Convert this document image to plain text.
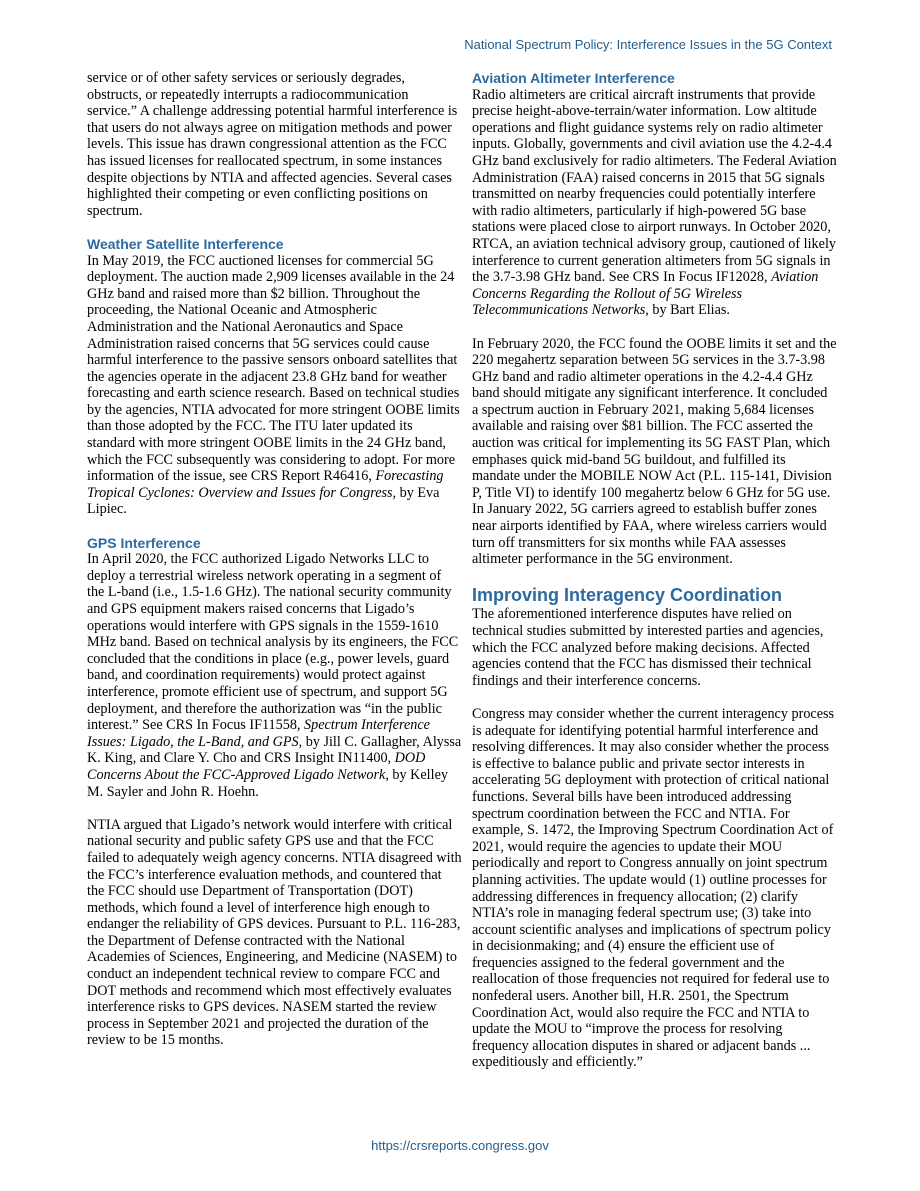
National Spectrum Policy: Interference Issues in the 5G Context

service or of other safety services or seriously degrades, obstructs, or repeatedly interrupts a radiocommunication service.” A challenge addressing potential harmful interference is that users do not always agree on mitigation methods and power levels. This issue has drawn congressional attention as the FCC has issued licenses for reallocated spectrum, in some instances despite objections by NTIA and affected agencies. Several cases highlighted their competing or even conflicting positions on spectrum.

Weather Satellite Interference

In May 2019, the FCC auctioned licenses for commercial 5G deployment. The auction made 2,909 licenses available in the 24 GHz band and raised more than $2 billion. Throughout the proceeding, the National Oceanic and Atmospheric Administration and the National Aeronautics and Space Administration raised concerns that 5G services could cause harmful interference to the passive sensors onboard satellites that the agencies operate in the adjacent 23.8 GHz band for weather forecasting and earth science research. Based on technical studies by the agencies, NTIA advocated for more stringent OOBE limits than those adopted by the FCC. The ITU later updated its standard with more stringent OOBE limits in the 24 GHz band, which the FCC subsequently was considering to adopt. For more information of the issue, see CRS Report R46416, Forecasting Tropical Cyclones: Overview and Issues for Congress, by Eva Lipiec.

GPS Interference

In April 2020, the FCC authorized Ligado Networks LLC to deploy a terrestrial wireless network operating in a segment of the L-band (i.e., 1.5-1.6 GHz). The national security community and GPS equipment makers raised concerns that Ligado’s operations would interfere with GPS signals in the 1559-1610 MHz band. Based on technical analysis by its engineers, the FCC concluded that the conditions in place (e.g., power levels, guard band, and coordination requirements) would protect against interference, promote efficient use of spectrum, and support 5G deployment, and therefore the authorization was “in the public interest.” See CRS In Focus IF11558, Spectrum Interference Issues: Ligado, the L-Band, and GPS, by Jill C. Gallagher, Alyssa K. King, and Clare Y. Cho and CRS Insight IN11400, DOD Concerns About the FCC-Approved Ligado Network, by Kelley M. Sayler and John R. Hoehn.

NTIA argued that Ligado’s network would interfere with critical national security and public safety GPS use and that the FCC failed to adequately weigh agency concerns. NTIA disagreed with the FCC’s interference evaluation methods, and countered that the FCC should use Department of Transportation (DOT) methods, which found a level of interference high enough to endanger the reliability of GPS devices. Pursuant to P.L. 116-283, the Department of Defense contracted with the National Academies of Sciences, Engineering, and Medicine (NASEM) to conduct an independent technical review to compare FCC and DOT methods and recommend which most effectively evaluates interference risks to GPS devices. NASEM started the review process in September 2021 and projected the duration of the review to be 15 months.

Aviation Altimeter Interference

Radio altimeters are critical aircraft instruments that provide precise height-above-terrain/water information. Low altitude operations and flight guidance systems rely on radio altimeter inputs. Globally, governments and civil aviation use the 4.2-4.4 GHz band exclusively for radio altimeters. The Federal Aviation Administration (FAA) raised concerns in 2015 that 5G signals transmitted on nearby frequencies could potentially interfere with radio altimeters, particularly if high-powered 5G base stations were placed close to airport runways. In October 2020, RTCA, an aviation technical advisory group, cautioned of likely interference to current generation altimeters from 5G signals in the 3.7-3.98 GHz band. See CRS In Focus IF12028, Aviation Concerns Regarding the Rollout of 5G Wireless Telecommunications Networks, by Bart Elias.

In February 2020, the FCC found the OOBE limits it set and the 220 megahertz separation between 5G services in the 3.7-3.98 GHz band and radio altimeter operations in the 4.2-4.4 GHz band should mitigate any significant interference. It concluded a spectrum auction in February 2021, making 5,684 licenses available and raising over $81 billion. The FCC asserted the auction was critical for implementing its 5G FAST Plan, which emphases quick mid-band 5G buildout, and fulfilled its mandate under the MOBILE NOW Act (P.L. 115-141, Division P, Title VI) to identify 100 megahertz below 6 GHz for 5G use. In January 2022, 5G carriers agreed to establish buffer zones near airports identified by FAA, where wireless carriers would turn off transmitters for six months while FAA assesses altimeter performance in the 5G environment.

Improving Interagency Coordination

The aforementioned interference disputes have relied on technical studies submitted by interested parties and agencies, which the FCC analyzed before making decisions. Affected agencies contend that the FCC has dismissed their technical findings and their interference concerns.

Congress may consider whether the current interagency process is adequate for identifying potential harmful interference and resolving differences. It may also consider whether the process is effective to balance public and private sector interests in accelerating 5G deployment with protection of critical national functions. Several bills have been introduced addressing spectrum coordination between the FCC and NTIA. For example, S. 1472, the Improving Spectrum Coordination Act of 2021, would require the agencies to update their MOU periodically and report to Congress annually on joint spectrum planning activities. The update would (1) outline processes for addressing differences in frequency allocation; (2) clarify NTIA’s role in managing federal spectrum use; (3) take into account scientific analyses and implications of spectrum policy in decisionmaking; and (4) ensure the efficient use of frequencies assigned to the federal government and the reallocation of those frequencies not required for federal use to nonfederal users. Another bill, H.R. 2501, the Spectrum Coordination Act, would also require the FCC and NTIA to update the MOU to “improve the process for resolving frequency allocation disputes in shared or adjacent bands ... expeditiously and efficiently.”

https://crsreports.congress.gov
